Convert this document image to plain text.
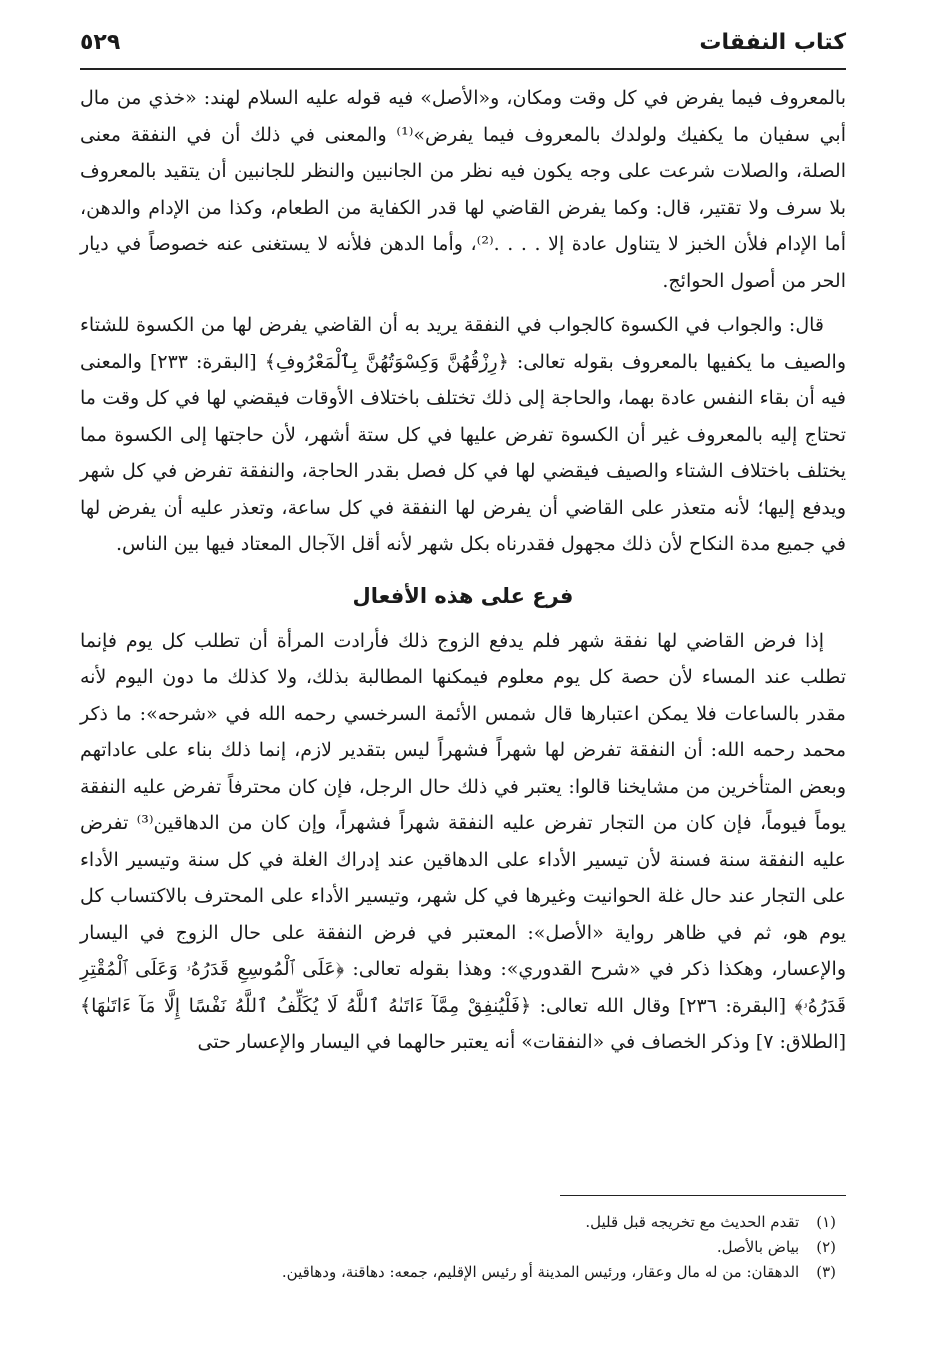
كتاب النفقات
٥٢٩

بالمعروف فيما يفرض في كل وقت ومكان، و«الأصل» فيه قوله عليه السلام لهند: «خذي من مال أبي سفيان ما يكفيك ولولدك بالمعروف فيما يفرض»⁽¹⁾ والمعنى في ذلك أن في النفقة معنى الصلة، والصلات شرعت على وجه يكون فيه نظر من الجانبين والنظر للجانبين أن يتقيد بالمعروف بلا سرف ولا تقتير، قال: وكما يفرض القاضي لها قدر الكفاية من الطعام، وكذا من الإدام والدهن، أما الإدام فلأن الخبز لا يتناول عادة إلا . . . .⁽²⁾، وأما الدهن فلأنه لا يستغنى عنه خصوصاً في ديار الحر من أصول الحوائج.

قال: والجواب في الكسوة كالجواب في النفقة يريد به أن القاضي يفرض لها من الكسوة للشتاء والصيف ما يكفيها بالمعروف بقوله تعالى: ﴿رِزْقُهُنَّ وَكِسْوَتُهُنَّ بِٱلْمَعْرُوفِ﴾ [البقرة: ٢٣٣] والمعنى فيه أن بقاء النفس عادة بهما، والحاجة إلى ذلك تختلف باختلاف الأوقات فيقضي لها في كل وقت ما تحتاج إليه بالمعروف غير أن الكسوة تفرض عليها في كل ستة أشهر، لأن حاجتها إلى الكسوة مما يختلف باختلاف الشتاء والصيف فيقضي لها في كل فصل بقدر الحاجة، والنفقة تفرض في كل شهر ويدفع إليها؛ لأنه متعذر على القاضي أن يفرض لها النفقة في كل ساعة، وتعذر عليه أن يفرض لها في جميع مدة النكاح لأن ذلك مجهول فقدرناه بكل شهر لأنه أقل الآجال المعتاد فيها بين الناس.

فرع على هذه الأفعال

إذا فرض القاضي لها نفقة شهر فلم يدفع الزوج ذلك فأرادت المرأة أن تطلب كل يوم فإنما تطلب عند المساء لأن حصة كل يوم معلوم فيمكنها المطالبة بذلك، ولا كذلك ما دون اليوم لأنه مقدر بالساعات فلا يمكن اعتبارها قال شمس الأئمة السرخسي رحمه الله في «شرحه»: ما ذكر محمد رحمه الله: أن النفقة تفرض لها شهراً فشهراً ليس بتقدير لازم، إنما ذلك بناء على عاداتهم وبعض المتأخرين من مشايخنا قالوا: يعتبر في ذلك حال الرجل، فإن كان محترفاً تفرض عليه النفقة يوماً فيوماً، فإن كان من التجار تفرض عليه النفقة شهراً فشهراً، وإن كان من الدهاقين⁽³⁾ تفرض عليه النفقة سنة فسنة لأن تيسير الأداء على الدهاقين عند إدراك الغلة في كل سنة وتيسير الأداء على التجار عند حال غلة الحوانيت وغيرها في كل شهر، وتيسير الأداء على المحترف بالاكتساب كل يوم هو، ثم في ظاهر رواية «الأصل»: المعتبر في فرض النفقة على حال الزوج في اليسار والإعسار، وهكذا ذكر في «شرح القدوري»: وهذا بقوله تعالى: ﴿عَلَى ٱلْمُوسِعِ قَدَرُهُۥ وَعَلَى ٱلْمُقْتِرِ قَدَرُهُۥ﴾ [البقرة: ٢٣٦] وقال الله تعالى: ﴿فَلْيُنفِقْ مِمَّآ ءَاتَىٰهُ ٱللَّهُ لَا يُكَلِّفُ ٱللَّهُ نَفْسًا إِلَّا مَآ ءَاتَىٰهَا﴾ [الطلاق: ٧] وذكر الخصاف في «النفقات» أنه يعتبر حالهما في اليسار والإعسار حتى

(١) تقدم الحديث مع تخريجه قبل قليل.

(٢) بياض بالأصل.

(٣) الدهقان: من له مال وعقار، ورئيس المدينة أو رئيس الإقليم، جمعه: دهاقنة، ودهاقين.
